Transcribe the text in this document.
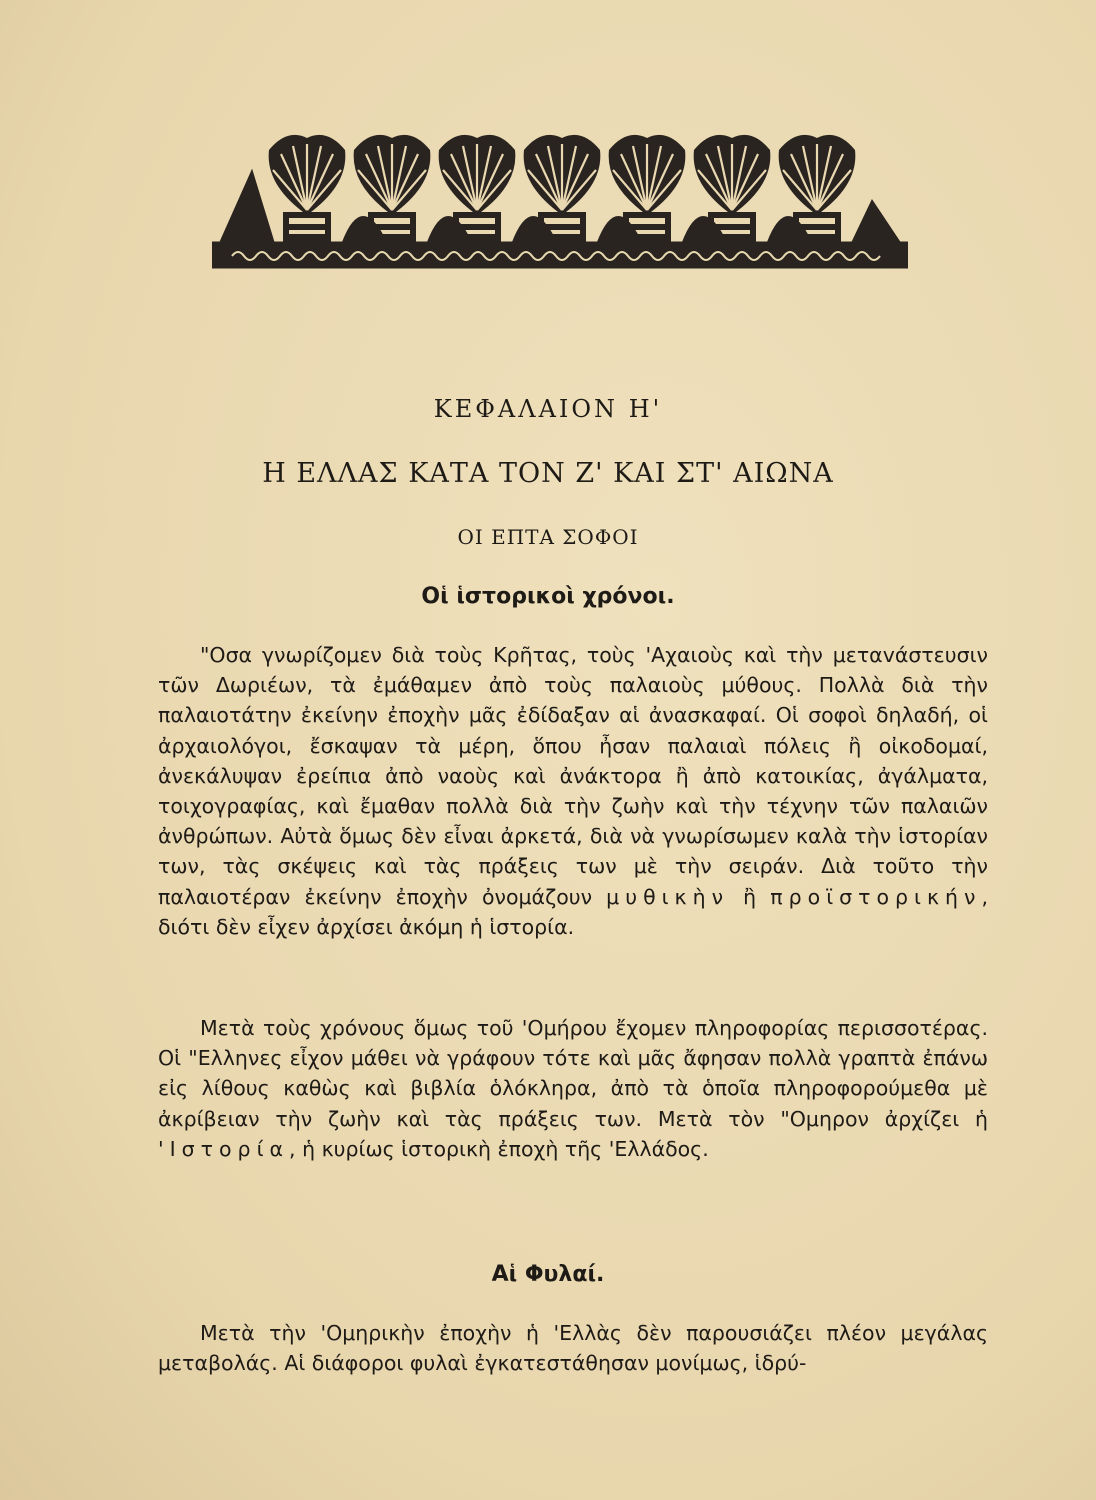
ΚΕΦΑΛΑΙΟΝ Η'
Η ΕΛΛΑΣ ΚΑΤΑ ΤΟΝ Ζ' ΚΑΙ ΣΤ' ΑΙΩΝΑ
ΟΙ ΕΠΤΑ ΣΟΦΟΙ
Οἱ ἱστορικοὶ χρόνοι.

"Οσα γνωρίζομεν διὰ τοὺς Κρῆτας, τοὺς 'Αχαιοὺς καὶ τὴν μεταvάστευσιν τῶν Δωριέων, τὰ ἐμάθαμεν ἀπὸ τοὺς παλαιοὺς μύθους. Πολλὰ διὰ τὴν παλαιοτάτην ἐκείνην ἐποχὴν μᾶς ἐδίδαξαν αἱ ἀνασκαφαί. Οἱ σοφοὶ δηλαδή, οἱ ἀρχαιολόγοι, ἔσκαψαν τὰ μέρη, ὅπου ἦσαν παλαιαὶ πόλεις ἢ οἰκοδομαί, ἀνεκάλυψαν ἐρείπια ἀπὸ ναοὺς καὶ ἀνάκτορα ἢ ἀπὸ κατοικίας, ἀγάλματα, τοιχογραφίας, καὶ ἔμαθαν πολλὰ διὰ τὴν ζωὴν καὶ τὴν τέχνην τῶν παλαιῶν ἀνθρώπων. Αὐτὰ ὅμως δὲν εἶναι ἀρκετά, διὰ νὰ γνωρίσωμεν καλὰ τὴν ἱστορίαν των, τὰς σκέψεις καὶ τὰς πράξεις των μὲ τὴν σειράν. Διὰ τοῦτο τὴν παλαιοτέραν ἐκείνην ἐποχὴν ὀνομάζουν μυθικὴν ἢ προϊστορικήν, διότι δὲν εἶχεν ἀρχίσει ἀκόμη ἡ ἱστορία.

Μετὰ τοὺς χρόνους ὅμως τοῦ 'Ομήρου ἔχομεν πληροφορίας περισσοτέρας. Οἱ "Ελληνες εἶχον μάθει νὰ γράφουν τότε καὶ μᾶς ἄφησαν πολλὰ γραπτὰ ἐπάνω εἰς λίθους καθὼς καὶ βιβλία ὁλόκληρα, ἀπὸ τὰ ὁποῖα πληροφορούμεθα μὲ ἀκρίβειαν τὴν ζωὴν καὶ τὰς πράξεις των. Μετὰ τὸν "Ομηρον ἀρχίζει ἡ 'Ιστορία, ἡ κυρίως ἱστορικὴ ἐποχὴ τῆς 'Ελλάδος.

Αἱ Φυλαί.

Μετὰ τὴν 'Ομηρικὴν ἐποχὴν ἡ 'Ελλὰς δὲν παρουσιάζει πλέον μεγάλας μεταβολάς. Αἱ διάφοροι φυλαὶ ἐγκατεστάθησαν μονίμως, ἱδρύ-
